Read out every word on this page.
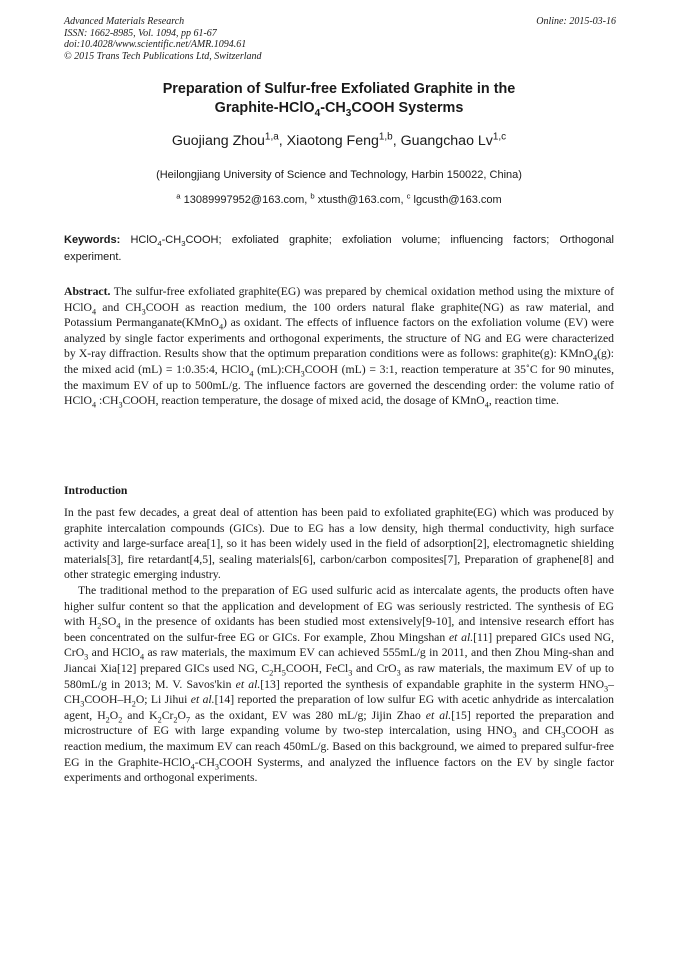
Advanced Materials Research
ISSN: 1662-8985, Vol. 1094, pp 61-67
doi:10.4028/www.scientific.net/AMR.1094.61
© 2015 Trans Tech Publications Ltd, Switzerland
Online: 2015-03-16
Preparation of Sulfur-free Exfoliated Graphite in the
Graphite-$HClO_4-CH_3COOH$ Systerms
Guojiang Zhou$^{1,a}$, Xiaotong Feng$^{1,b}$, Guangchao Lv$^{1,c}$
(Heilongjiang University of Science and Technology, Harbin 150022, China)
$^a$ 13089997952@163.com, $^b$ xtusth@163.com, $^c$ lgcusth@163.com
Keywords: $HClO_4-CH_3COOH$; exfoliated graphite; exfoliation volume; influencing factors; Orthogonal experiment.
Abstract. The sulfur-free exfoliated graphite(EG) was prepared by chemical oxidation method using the mixture of HClO$_4$ and $CH_3COOH$ as reaction medium, the 100 orders natural flake graphite(NG) as raw material, and Potassium Permanganate(KMnO$_4$) as oxidant. The effects of influence factors on the exfoliation volume (EV) were analyzed by single factor experiments and orthogonal experiments, the structure of NG and EG were characterized by X-ray diffraction. Results show that the optimum preparation conditions were as follows: graphite(g): KMnO$_4$(g): the mixed acid (mL) = 1:0.35:4, HClO$_4$ $(mL):CH_3COOH$ (mL) = 3:1, reaction temperature at 35˚C for 90 minutes, the maximum EV of up to 500mL/g. The influence factors are governed the descending order: the volume ratio of HClO$_4$ $:CH_3COOH$, reaction temperature, the dosage of mixed acid, the dosage of KMnO$_4$, reaction time.
Introduction

In the past few decades, a great deal of attention has been paid to exfoliated graphite(EG) which was produced by graphite intercalation compounds (GICs). Due to EG has a low density, high thermal conductivity, high surface activity and large-surface area[1], so it has been widely used in the field of adsorption[2], electromagnetic shielding materials[3], fire retardant[4,5], sealing materials[6], carbon/carbon composites[7], Preparation of graphene[8] and other strategic emerging industry.

The traditional method to the preparation of EG used sulfuric acid as intercalate agents, the products often have higher sulfur content so that the application and development of EG was seriously restricted. The synthesis of EG with $H_2SO_4$ in the presence of oxidants has been studied most extensively[9-10], and intensive research effort has been concentrated on the sulfur-free EG or GICs. For example, Zhou Mingshan et al.[11] prepared GICs used NG, CrO$_3$ and HClO$_4$ as raw materials, the maximum EV can achieved 555mL/g in 2011, and then Zhou Ming-shan and Jiancai Xia[12] prepared GICs used NG, $C_2H_5COOH$, FeCl$_3$ and CrO$_3$ as raw materials, the maximum EV of up to 580mL/g in 2013; M. V. Savos'kin et al.[13] reported the synthesis of expandable graphite in the systerm $HNO_3-CH_3COOH-H_2O$; Li Jihui et al.[14] reported the preparation of low sulfur EG with acetic anhydride as intercalation agent, $H_2O_2$ and $K_2Cr_2O_7$ as the oxidant, EV was 280 mL/g; Jijin Zhao et al.[15] reported the preparation and microstructure of EG with large expanding volume by two-step intercalation, using $HNO_3$ and $CH_3COOH$ as reaction medium, the maximum EV can reach 450mL/g. Based on this background, we aimed to prepared sulfur-free EG in the Graphite-$HClO_4-CH_3COOH$ Systerms, and analyzed the influence factors on the EV by single factor experiments and orthogonal experiments.
